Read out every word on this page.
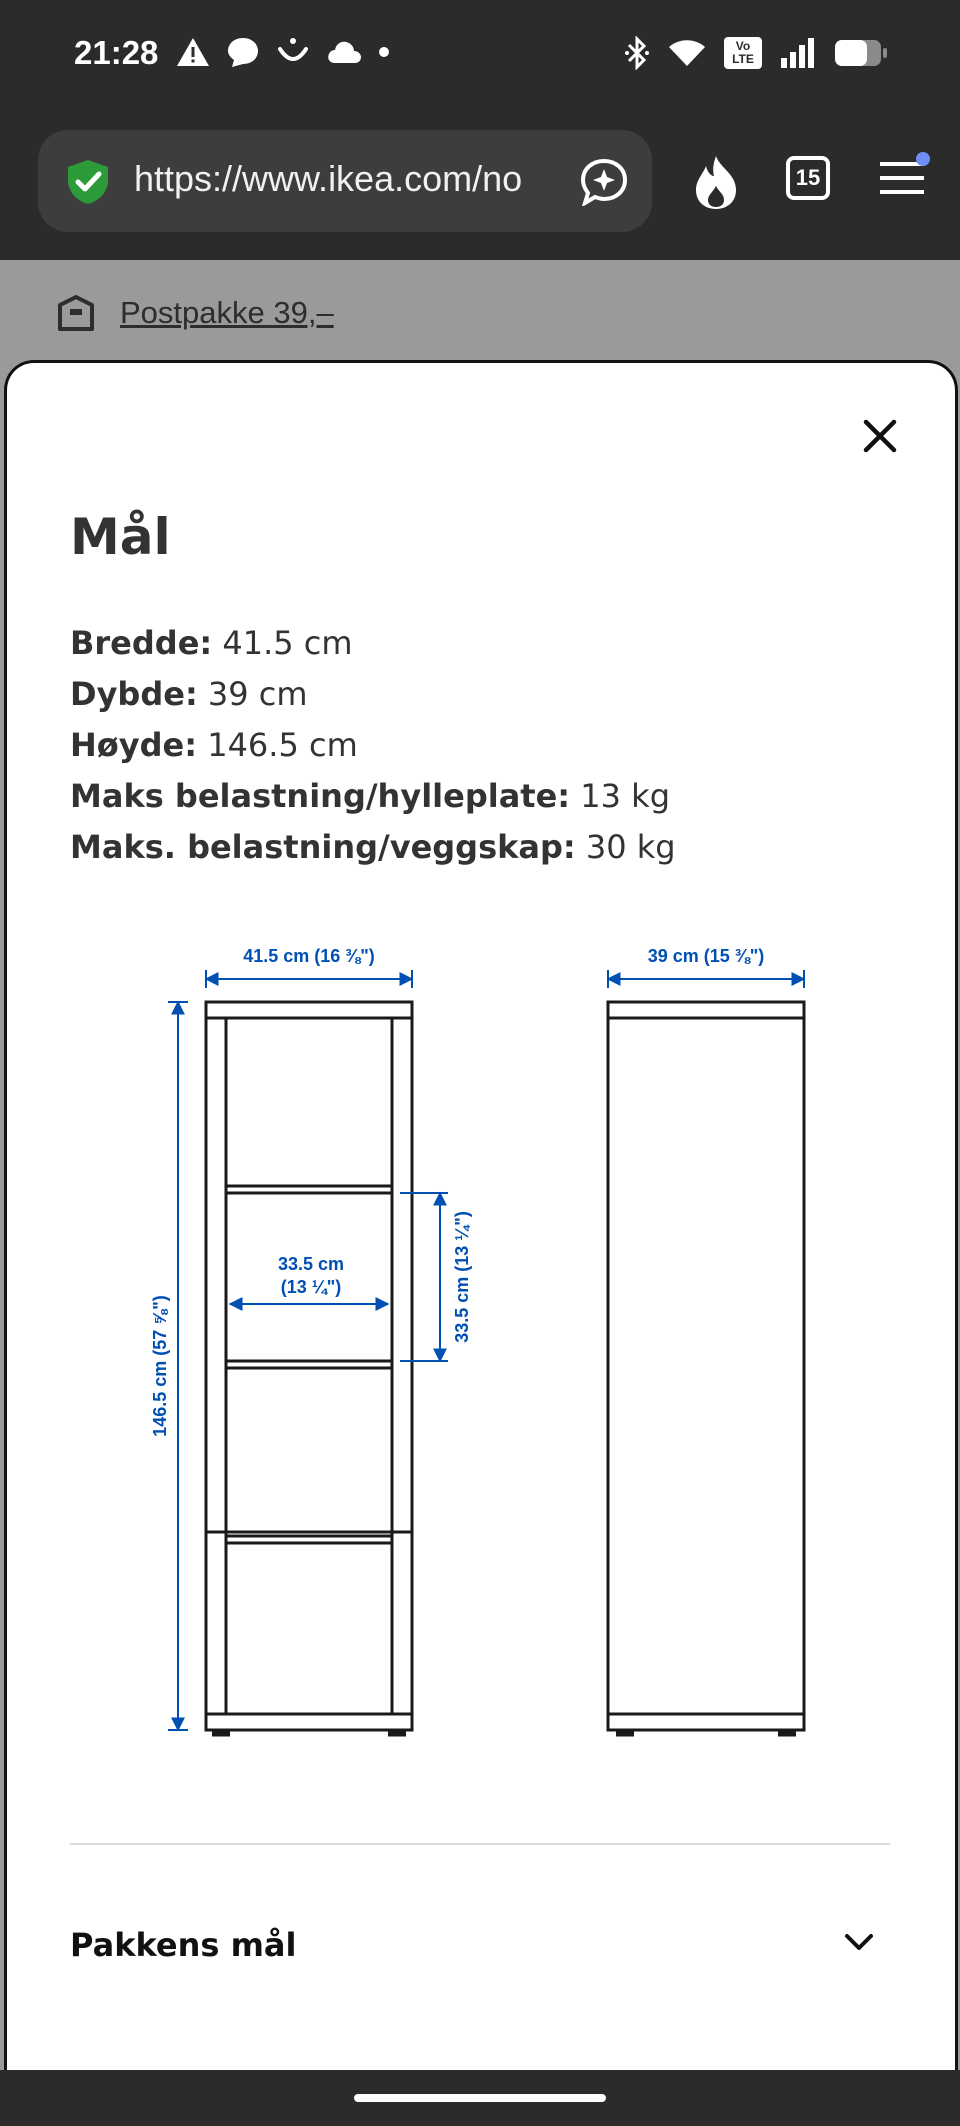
21:28	Vo LTE
https://www.ikea.com/no	15
Postpakke 39,–
Mål
Bredde: 41.5 cm
Dybde: 39 cm
Høyde: 146.5 cm
Maks belastning/hylleplate: 13 kg
Maks. belastning/veggskap: 30 kg
41.5 cm (16 ⅜")	39 cm (15 ⅜")
146.5 cm (57 ⅝")
33.5 cm
(13 ¼")	33.5 cm (13 ¼")
Pakkens mål
